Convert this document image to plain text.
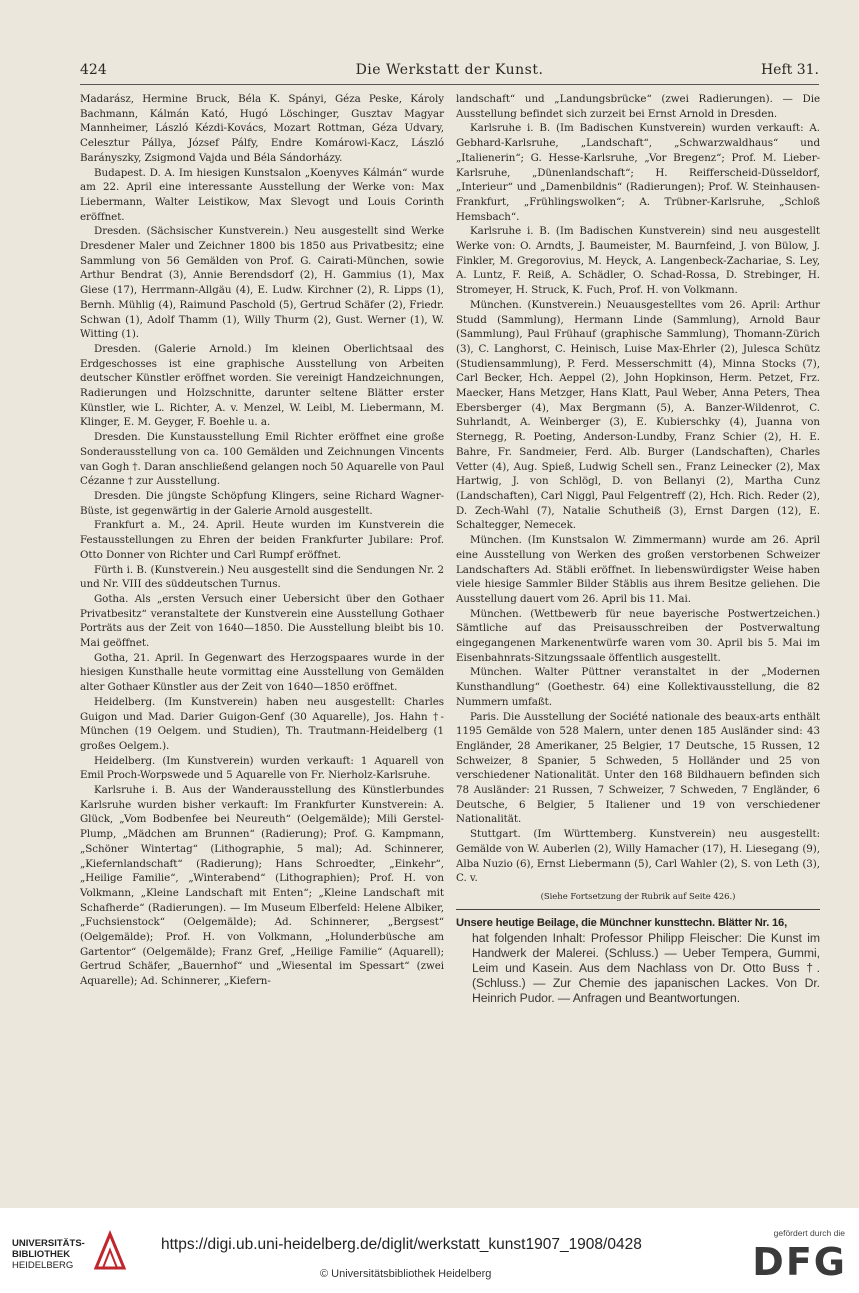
424	Die Werkstatt der Kunst.	Heft 31.

Madarász, Hermine Bruck, Béla K. Spányi, Géza Peske, Károly Bachmann, Kálmán Kató, Hugó Löschinger, Gusztav Magyar Mannheimer, László Kézdi-Kovács, Mozart Rottman, Géza Udvary, Celesztur Pállya, József Pálfy, Endre Komárowi-Kacz, László Barányszky, Zsigmond Vajda und Béla Sándorházy.

Budapest. D. A. Im hiesigen Kunstsalon „Koenyves Kálmán“ wurde am 22. April eine interessante Ausstellung der Werke von: Max Liebermann, Walter Leistikow, Max Slevogt und Louis Corinth eröffnet.

Dresden. (Sächsischer Kunstverein.) Neu ausgestellt sind Werke Dresdener Maler und Zeichner 1800 bis 1850 aus Privatbesitz; eine Sammlung von 56 Gemälden von Prof. G. Cairati-München, sowie Arthur Bendrat (3), Annie Berendsdorf (2), H. Gammius (1), Max Giese (17), Herrmann-Allgäu (4), E. Ludw. Kirchner (2), R. Lipps (1), Bernh. Mühlig (4), Raimund Paschold (5), Gertrud Schäfer (2), Friedr. Schwan (1), Adolf Thamm (1), Willy Thurm (2), Gust. Werner (1), W. Witting (1).

Dresden. (Galerie Arnold.) Im kleinen Oberlichtsaal des Erdgeschosses ist eine graphische Ausstellung von Arbeiten deutscher Künstler eröffnet worden. Sie vereinigt Handzeichnungen, Radierungen und Holzschnitte, darunter seltene Blätter erster Künstler, wie L. Richter, A. v. Menzel, W. Leibl, M. Liebermann, M. Klinger, E. M. Geyger, F. Boehle u. a.

Dresden. Die Kunstausstellung Emil Richter eröffnet eine große Sonderausstellung von ca. 100 Gemälden und Zeichnungen Vincents van Gogh †. Daran anschließend gelangen noch 50 Aquarelle von Paul Cézanne † zur Ausstellung.

Dresden. Die jüngste Schöpfung Klingers, seine Richard Wagner-Büste, ist gegenwärtig in der Galerie Arnold ausgestellt.

Frankfurt a. M., 24. April. Heute wurden im Kunstverein die Festausstellungen zu Ehren der beiden Frankfurter Jubilare: Prof. Otto Donner von Richter und Carl Rumpf eröffnet.

Fürth i. B. (Kunstverein.) Neu ausgestellt sind die Sendungen Nr. 2 und Nr. VIII des süddeutschen Turnus.

Gotha. Als „ersten Versuch einer Uebersicht über den Gothaer Privatbesitz“ veranstaltete der Kunstverein eine Ausstellung Gothaer Porträts aus der Zeit von 1640—1850. Die Ausstellung bleibt bis 10. Mai geöffnet.

Gotha, 21. April. In Gegenwart des Herzogspaares wurde in der hiesigen Kunsthalle heute vormittag eine Ausstellung von Gemälden alter Gothaer Künstler aus der Zeit von 1640—1850 eröffnet.

Heidelberg. (Im Kunstverein) haben neu ausgestellt: Charles Guigon und Mad. Darier Guigon-Genf (30 Aquarelle), Jos. Hahn †-München (19 Oelgem. und Studien), Th. Trautmann-Heidelberg (1 großes Oelgem.).

Heidelberg. (Im Kunstverein) wurden verkauft: 1 Aquarell von Emil Proch-Worpswede und 5 Aquarelle von Fr. Nierholz-Karlsruhe.

Karlsruhe i. B. Aus der Wanderausstellung des Künstlerbundes Karlsruhe wurden bisher verkauft: Im Frankfurter Kunstverein: A. Glück, „Vom Bodbenfee bei Neureuth“ (Oelgemälde); Mili Gerstel-Plump, „Mädchen am Brunnen“ (Radierung); Prof. G. Kampmann, „Schöner Wintertag“ (Lithographie, 5 mal); Ad. Schinnerer, „Kiefernlandschaft“ (Radierung); Hans Schroedter, „Einkehr“, „Heilige Familie“, „Winterabend“ (Lithographien); Prof. H. von Volkmann, „Kleine Landschaft mit Enten“; „Kleine Landschaft mit Schafherde“ (Radierungen). — Im Museum Elberfeld: Helene Albiker, „Fuchsienstock“ (Oelgemälde); Ad. Schinnerer, „Bergsest“ (Oelgemälde); Prof. H. von Volkmann, „Holunderbüsche am Gartentor“ (Oelgemälde); Franz Gref, „Heilige Familie“ (Aquarell); Gertrud Schäfer, „Bauernhof“ und „Wiesental im Spessart“ (zwei Aquarelle); Ad. Schinnerer, „Kiefern-

landschaft“ und „Landungsbrücke“ (zwei Radierungen). — Die Ausstellung befindet sich zurzeit bei Ernst Arnold in Dresden.

Karlsruhe i. B. (Im Badischen Kunstverein) wurden verkauft: A. Gebhard-Karlsruhe, „Landschaft“, „Schwarzwaldhaus“ und „Italienerin“; G. Hesse-Karlsruhe, „Vor Bregenz“; Prof. M. Lieber-Karlsruhe, „Dünenlandschaft“; H. Reifferscheid-Düsseldorf, „Interieur“ und „Damenbildnis“ (Radierungen); Prof. W. Steinhausen-Frankfurt, „Frühlingswolken“; A. Trübner-Karlsruhe, „Schloß Hemsbach“.

Karlsruhe i. B. (Im Badischen Kunstverein) sind neu ausgestellt Werke von: O. Arndts, J. Baumeister, M. Baurnfeind, J. von Bülow, J. Finkler, M. Gregorovius, M. Heyck, A. Langenbeck-Zachariae, S. Ley, A. Luntz, F. Reiß, A. Schädler, O. Schad-Rossa, D. Strebinger, H. Stromeyer, H. Struck, K. Fuch, Prof. H. von Volkmann.

München. (Kunstverein.) Neuausgestelltes vom 26. April: Arthur Studd (Sammlung), Hermann Linde (Sammlung), Arnold Baur (Sammlung), Paul Frühauf (graphische Sammlung), Thomann-Zürich (3), C. Langhorst, C. Heinisch, Luise Max-Ehrler (2), Julesca Schütz (Studiensammlung), P. Ferd. Messerschmitt (4), Minna Stocks (7), Carl Becker, Hch. Aeppel (2), John Hopkinson, Herm. Petzet, Frz. Maecker, Hans Metzger, Hans Klatt, Paul Weber, Anna Peters, Thea Ebersberger (4), Max Bergmann (5), A. Banzer-Wildenrot, C. Suhrlandt, A. Weinberger (3), E. Kubierschky (4), Juanna von Sternegg, R. Poeting, Anderson-Lundby, Franz Schier (2), H. E. Bahre, Fr. Sandmeier, Ferd. Alb. Burger (Landschaften), Charles Vetter (4), Aug. Spieß, Ludwig Schell sen., Franz Leinecker (2), Max Hartwig, J. von Schlögl, D. von Bellanyi (2), Martha Cunz (Landschaften), Carl Niggl, Paul Felgentreff (2), Hch. Rich. Reder (2), D. Zech-Wahl (7), Natalie Schutheiß (3), Ernst Dargen (12), E. Schaltegger, Nemecek.

München. (Im Kunstsalon W. Zimmermann) wurde am 26. April eine Ausstellung von Werken des großen verstorbenen Schweizer Landschafters Ad. Stäbli eröffnet. In liebenswürdigster Weise haben viele hiesige Sammler Bilder Stäblis aus ihrem Besitze geliehen. Die Ausstellung dauert vom 26. April bis 11. Mai.

München. (Wettbewerb für neue bayerische Postwertzeichen.) Sämtliche auf das Preisausschreiben der Postverwaltung eingegangenen Markenentwürfe waren vom 30. April bis 5. Mai im Eisenbahnrats-Sitzungssaale öffentlich ausgestellt.

München. Walter Püttner veranstaltet in der „Modernen Kunsthandlung“ (Goethestr. 64) eine Kollektivausstellung, die 82 Nummern umfaßt.

Paris. Die Ausstellung der Société nationale des beaux-arts enthält 1195 Gemälde von 528 Malern, unter denen 185 Ausländer sind: 43 Engländer, 28 Amerikaner, 25 Belgier, 17 Deutsche, 15 Russen, 12 Schweizer, 8 Spanier, 5 Schweden, 5 Holländer und 25 von verschiedener Nationalität. Unter den 168 Bildhauern befinden sich 78 Ausländer: 21 Russen, 7 Schweizer, 7 Schweden, 7 Engländer, 6 Deutsche, 6 Belgier, 5 Italiener und 19 von verschiedener Nationalität.

Stuttgart. (Im Württemberg. Kunstverein) neu ausgestellt: Gemälde von W. Auberlen (2), Willy Hamacher (17), H. Liesegang (9), Alba Nuzio (6), Ernst Liebermann (5), Carl Wahler (2), S. von Leth (3), C. v.

(Siehe Fortsetzung der Rubrik auf Seite 426.)
Unsere heutige Beilage, die Münchner kunsttechn. Blätter Nr. 16,
hat folgenden Inhalt: Professor Philipp Fleischer: Die Kunst im Handwerk der Malerei. (Schluss.) — Ueber Tempera, Gummi, Leim und Kasein. Aus dem Nachlass von Dr. Otto Buss †. (Schluss.) — Zur Chemie des japanischen Lackes. Von Dr. Heinrich Pudor. — Anfragen und Beantwortungen.
UNIVERSITÄTS-
BIBLIOTHEK
HEIDELBERG
https://digi.ub.uni-heidelberg.de/diglit/werkstatt_kunst1907_1908/0428
© Universitätsbibliothek Heidelberg
gefördert durch die
DFG
